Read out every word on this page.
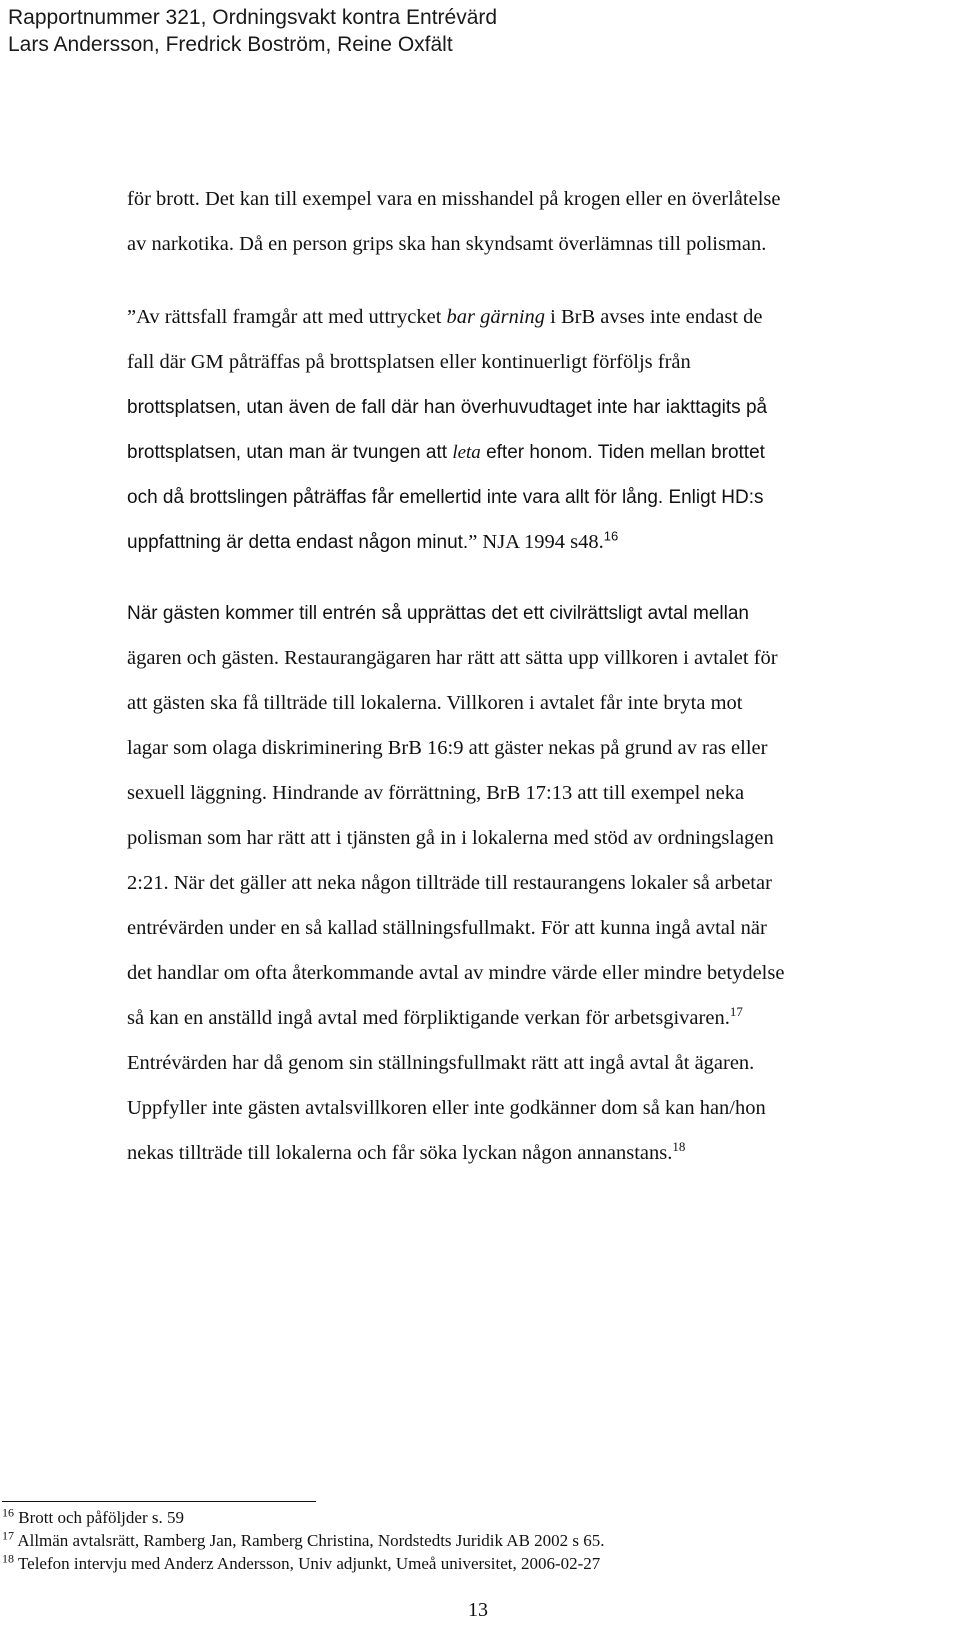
Rapportnummer 321, Ordningsvakt kontra Entrévärd
Lars Andersson, Fredrick Boström, Reine Oxfält
för brott. Det kan till exempel vara en misshandel på krogen eller en överlåtelse
av narkotika. Då en person grips ska han skyndsamt överlämnas till polisman.
”Av rättsfall framgår att med uttrycket bar gärning i BrB avses inte endast de
fall där GM påträffas på brottsplatsen eller kontinuerligt förföljs från
brottsplatsen, utan även de fall där han överhuvudtaget inte har iakttagits på
brottsplatsen, utan man är tvungen att leta efter honom. Tiden mellan brottet
och då brottslingen påträffas får emellertid inte vara allt för lång. Enligt HD:s
uppfattning är detta endast någon minut.” NJA 1994 s48.16
När gästen kommer till entrén så upprättas det ett civilrättsligt avtal mellan
ägaren och gästen. Restaurangägaren har rätt att sätta upp villkoren i avtalet för
att gästen ska få tillträde till lokalerna. Villkoren i avtalet får inte bryta mot
lagar som olaga diskriminering BrB 16:9 att gäster nekas på grund av ras eller
sexuell läggning. Hindrande av förrättning, BrB 17:13 att till exempel neka
polisman som har rätt att i tjänsten gå in i lokalerna med stöd av ordningslagen
2:21. När det gäller att neka någon tillträde till restaurangens lokaler så arbetar
entrévärden under en så kallad ställningsfullmakt. För att kunna ingå avtal när
det handlar om ofta återkommande avtal av mindre värde eller mindre betydelse
så kan en anställd ingå avtal med förpliktigande verkan för arbetsgivaren.$^{17}$
Entrévärden har då genom sin ställningsfullmakt rätt att ingå avtal åt ägaren.
Uppfyller inte gästen avtalsvillkoren eller inte godkänner dom så kan han/hon
nekas tillträde till lokalerna och får söka lyckan någon annanstans.$^{18}$
$^{16}$ Brott och påföljder s. 59
$^{17}$ Allmän avtalsrätt, Ramberg Jan, Ramberg Christina, Nordstedts Juridik AB 2002 s 65.
$^{18}$ Telefon intervju med Anderz Andersson, Univ adjunkt, Umeå universitet, 2006-02-27
13
